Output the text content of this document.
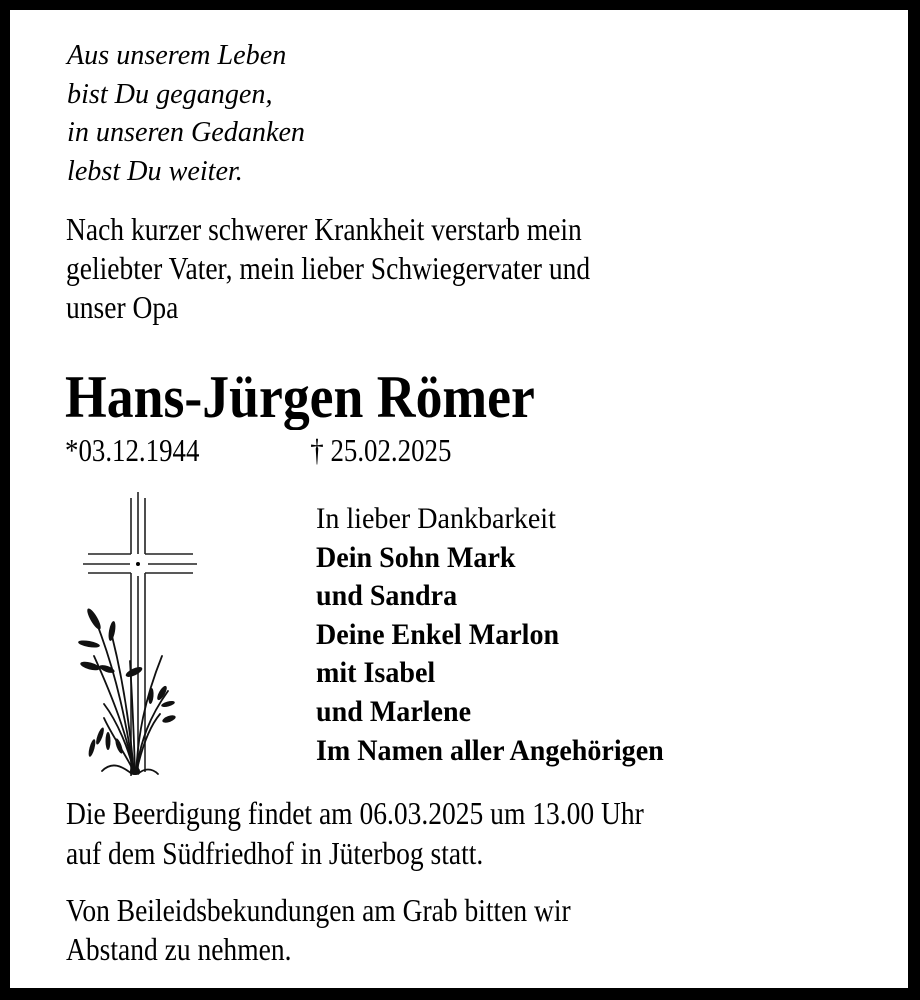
Aus unserem Leben
bist Du gegangen,
in unseren Gedanken
lebst Du weiter.
Nach kurzer schwerer Krankheit verstarb mein
geliebter Vater, mein lieber Schwiegervater und
unser Opa
Hans-Jürgen Römer
*03.12.1944	† 25.02.2025
In lieber Dankbarkeit
Dein Sohn Mark
und Sandra
Deine Enkel Marlon
mit Isabel
und Marlene
Im Namen aller Angehörigen
Die Beerdigung findet am 06.03.2025 um 13.00 Uhr
auf dem Südfriedhof in Jüterbog statt.
Von Beileidsbekundungen am Grab bitten wir
Abstand zu nehmen.
